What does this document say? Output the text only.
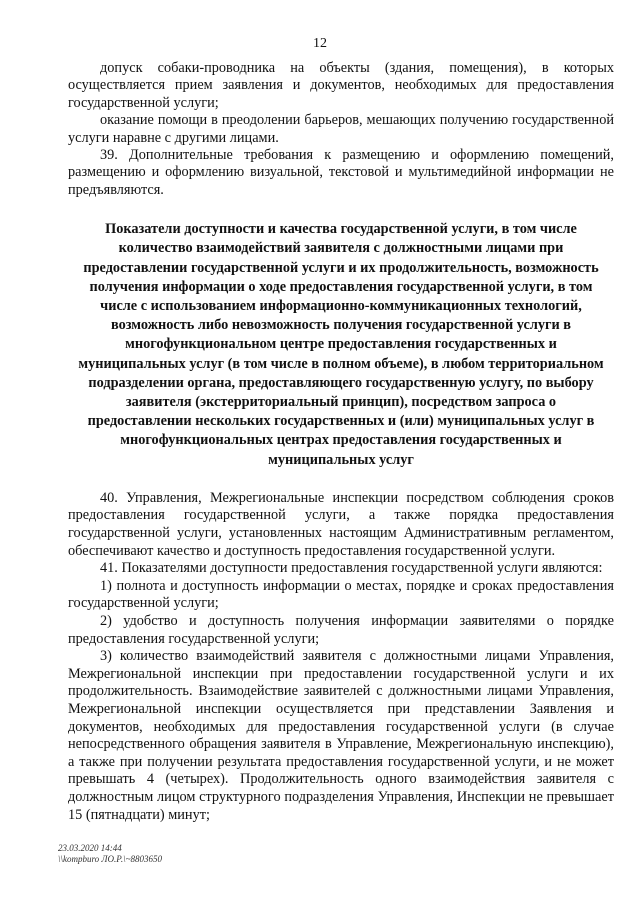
12

допуск собаки-проводника на объекты (здания, помещения), в которых осуществляется прием заявления и документов, необходимых для предоставления государственной услуги;

оказание помощи в преодолении барьеров, мешающих получению государственной услуги наравне с другими лицами.

39. Дополнительные требования к размещению и оформлению помещений, размещению и оформлению визуальной, текстовой и мультимедийной информации не предъявляются.

Показатели доступности и качества государственной услуги, в том числе количество взаимодействий заявителя с должностными лицами при предоставлении государственной услуги и их продолжительность, возможность получения информации о ходе предоставления государственной услуги, в том числе с использованием информационно-коммуникационных технологий, возможность либо невозможность получения государственной услуги в многофункциональном центре предоставления государственных и муниципальных услуг (в том числе в полном объеме), в любом территориальном подразделении органа, предоставляющего государственную услугу, по выбору заявителя (экстерриториальный принцип), посредством запроса о предоставлении нескольких государственных и (или) муниципальных услуг в многофункциональных центрах предоставления государственных и муниципальных услуг

40. Управления, Межрегиональные инспекции посредством соблюдения сроков предоставления государственной услуги, а также порядка предоставления государственной услуги, установленных настоящим Административным регламентом, обеспечивают качество и доступность предоставления государственной услуги.

41. Показателями доступности предоставления государственной услуги являются:

1) полнота и доступность информации о местах, порядке и сроках предоставления государственной услуги;

2) удобство и доступность получения информации заявителями о порядке предоставления государственной услуги;

3) количество взаимодействий заявителя с должностными лицами Управления, Межрегиональной инспекции при предоставлении государственной услуги и их продолжительность. Взаимодействие заявителей с должностными лицами Управления, Межрегиональной инспекции осуществляется при представлении Заявления и документов, необходимых для предоставления государственной услуги (в случае непосредственного обращения заявителя в Управление, Межрегиональную инспекцию), а также при получении результата предоставления государственной услуги, и не может превышать 4 (четырех). Продолжительность одного взаимодействия заявителя с должностным лицом структурного подразделения Управления, Инспекции не превышает 15 (пятнадцати) минут;

23.03.2020 14:44
\\kompburo ЛО.Р.\~8803650
